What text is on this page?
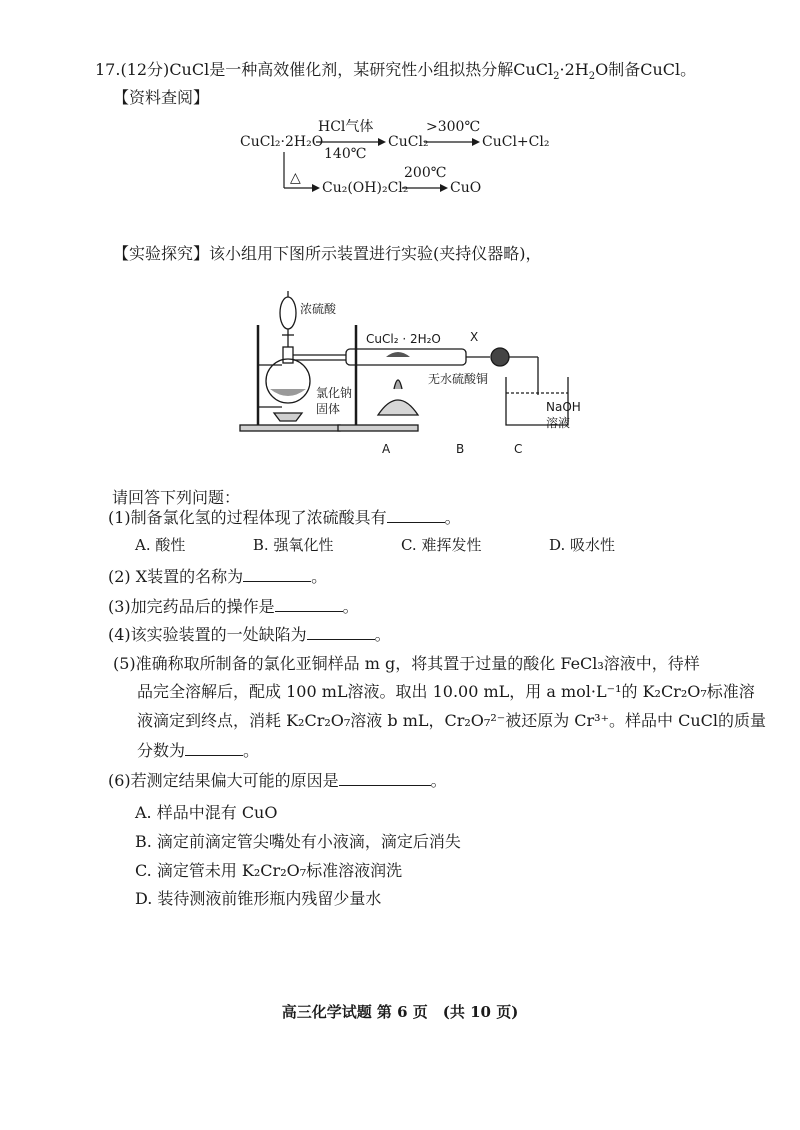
17.(12分)CuCl是一种高效催化剂，某研究性小组拟热分解$CuCl_2\cdot 2H_2O$制备CuCl。
【资料查阅】
CuCl₂·2H₂O
HCl气体
140℃
CuCl₂
>300℃
CuCl+Cl₂
△
Cu₂(OH)₂Cl₂
200℃
CuO
【实验探究】该小组用下图所示装置进行实验(夹持仪器略)，
浓硫酸
氯化钠
固体
CuCl₂ · 2H₂O X
无水硫酸铜
NaOH
溶液
A	B	C
请回答下列问题：
(1)制备氯化氢的过程体现了浓硫酸具有	。
A. 酸性	B. 强氧化性	C. 难挥发性	D. 吸水性
(2) X装置的名称为	。
(3)加完药品后的操作是	。
(4)该实验装置的一处缺陷为	。
(5)准确称取所制备的氯化亚铜样品 m g，将其置于过量的酸化 FeCl₃溶液中，待样
品完全溶解后，配成 100 mL溶液。取出 10.00 mL，用 a mol·L⁻¹的 K₂Cr₂O₇标准溶
液滴定到终点，消耗 K₂Cr₂O₇溶液 b mL，Cr₂O₇²⁻被还原为 Cr³⁺。样品中 CuCl的质量
分数为	。
(6)若测定结果偏大可能的原因是	。
A. 样品中混有 CuO
B. 滴定前滴定管尖嘴处有小液滴，滴定后消失
C. 滴定管未用 K₂Cr₂O₇标准溶液润洗
D. 装待测液前锥形瓶内残留少量水
高三化学试题 第 6 页　(共 10 页)
